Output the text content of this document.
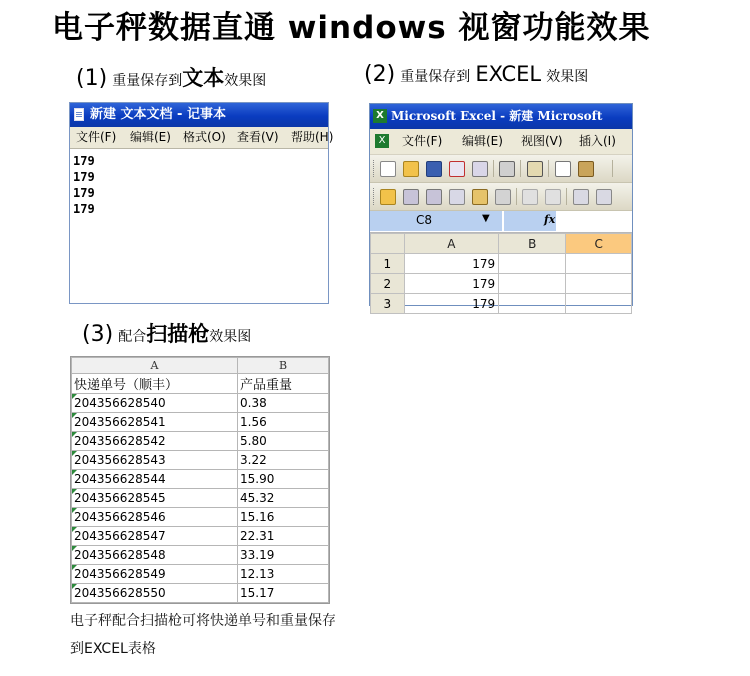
电子秤数据直通 windows 视窗功能效果
(1) 重量保存到文本效果图	(2) 重量保存到 EXCEL 效果图
新建 文本文档 - 记事本
文件(F) 编辑(E) 格式(O) 查看(V) 帮助(H)
179
179
179
179
X Microsoft Excel - 新建 Microsoft
X 文件(F) 编辑(E) 视图(V) 插入(I)
C8	▼	fx
	A	B	C
1	179		
2	179		
3	179		
(3) 配合扫描枪效果图
A	B
快递单号（顺丰）	产品重量
204356628540	0.38
204356628541	1.56
204356628542	5.80
204356628543	3.22
204356628544	15.90
204356628545	45.32
204356628546	15.16
204356628547	22.31
204356628548	33.19
204356628549	12.13
204356628550	15.17
电子秤配合扫描枪可将快递单号和重量保存到EXCEL表格
